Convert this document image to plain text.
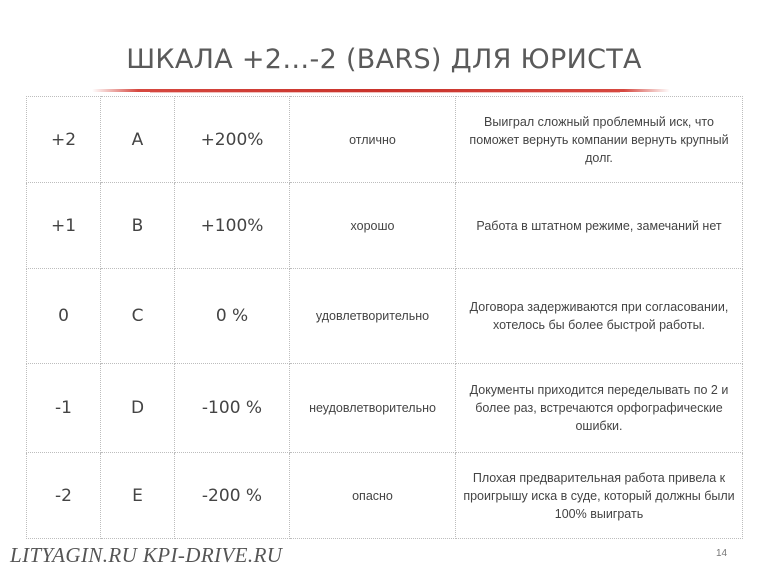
ШКАЛА +2…-2 (BARS) ДЛЯ ЮРИСТА
+2	A	+200%	отлично	Выиграл сложный проблемный иск, что поможет вернуть компании вернуть крупный долг.
+1	B	+100%	хорошо	Работа в штатном режиме, замечаний нет
0	C	0 %	удовлетворительно	Договора задерживаются при согласовании, хотелось бы более быстрой работы.
-1	D	-100 %	неудовлетворительно	Документы приходится переделывать по 2 и более раз, встречаются орфографические ошибки.
-2	E	-200 %	опасно	Плохая предварительная работа привела к проигрышу иска в суде, который должны были 100% выиграть
LITYAGIN.RU KPI-DRIVE.RU	14
